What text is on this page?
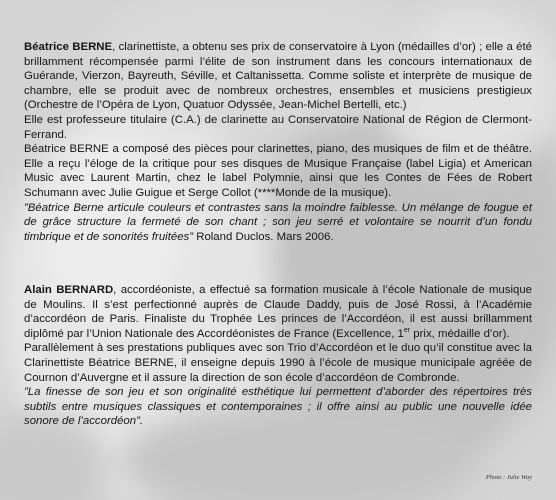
Béatrice BERNE, clarinettiste, a obtenu ses prix de conservatoire à Lyon (médailles d’or) ; elle a été brillamment récompensée parmi l’élite de son instrument dans les concours internationaux de Guérande, Vierzon, Bayreuth, Séville, et Caltanissetta. Comme soliste et interprète de musique de chambre, elle se produit avec de nombreux orchestres, ensembles et musiciens prestigieux (Orchestre de l’Opéra de Lyon, Quatuor Odyssée, Jean-Michel Bertelli, etc.)

Elle est professeure titulaire (C.A.) de clarinette au Conservatoire National de Région de Clermont-Ferrand.

Béatrice BERNE a composé des pièces pour clarinettes, piano, des musiques de film et de théâtre. Elle a reçu l’éloge de la critique pour ses disques de Musique Française (label Ligia) et American Music avec Laurent Martin, chez le label Polymnie, ainsi que les Contes de Fées de Robert Schumann avec Julie Guigue et Serge Collot (****Monde de la musique).

”Béatrice Berne articule couleurs et contrastes sans la moindre faiblesse. Un mélange de fougue et de grâce structure la fermeté de son chant ; son jeu serré et volontaire se nourrit d’un fondu timbrique et de sonorités fruitées” Roland Duclos. Mars 2006.

Alain BERNARD, accordéoniste, a effectué sa formation musicale à l’école Nationale de musique de Moulins. Il s’est perfectionné auprès de Claude Daddy, puis de José Rossi, à l’Académie d’accordéon de Paris. Finaliste du Trophée Les princes de l’Accordéon, il est aussi brillamment diplômé par l’Union Nationale des Accordéonistes de France (Excellence, 1er prix, médaille d’or).

Parallèlement à ses prestations publiques avec son Trio d’Accordéon et le duo qu’il constitue avec la Clarinettiste Béatrice BERNE, il enseigne depuis 1990 à l’école de musique municipale agréée de Cournon d’Auvergne et il assure la direction de son école d’accordéon de Combronde.

”La finesse de son jeu et son originalité esthétique lui permettent d’aborder des répertoires très subtils entre musiques classiques et contemporaines ; il offre ainsi au public une nouvelle idée sonore de l’accordéon”.

Photo : Julie Way
